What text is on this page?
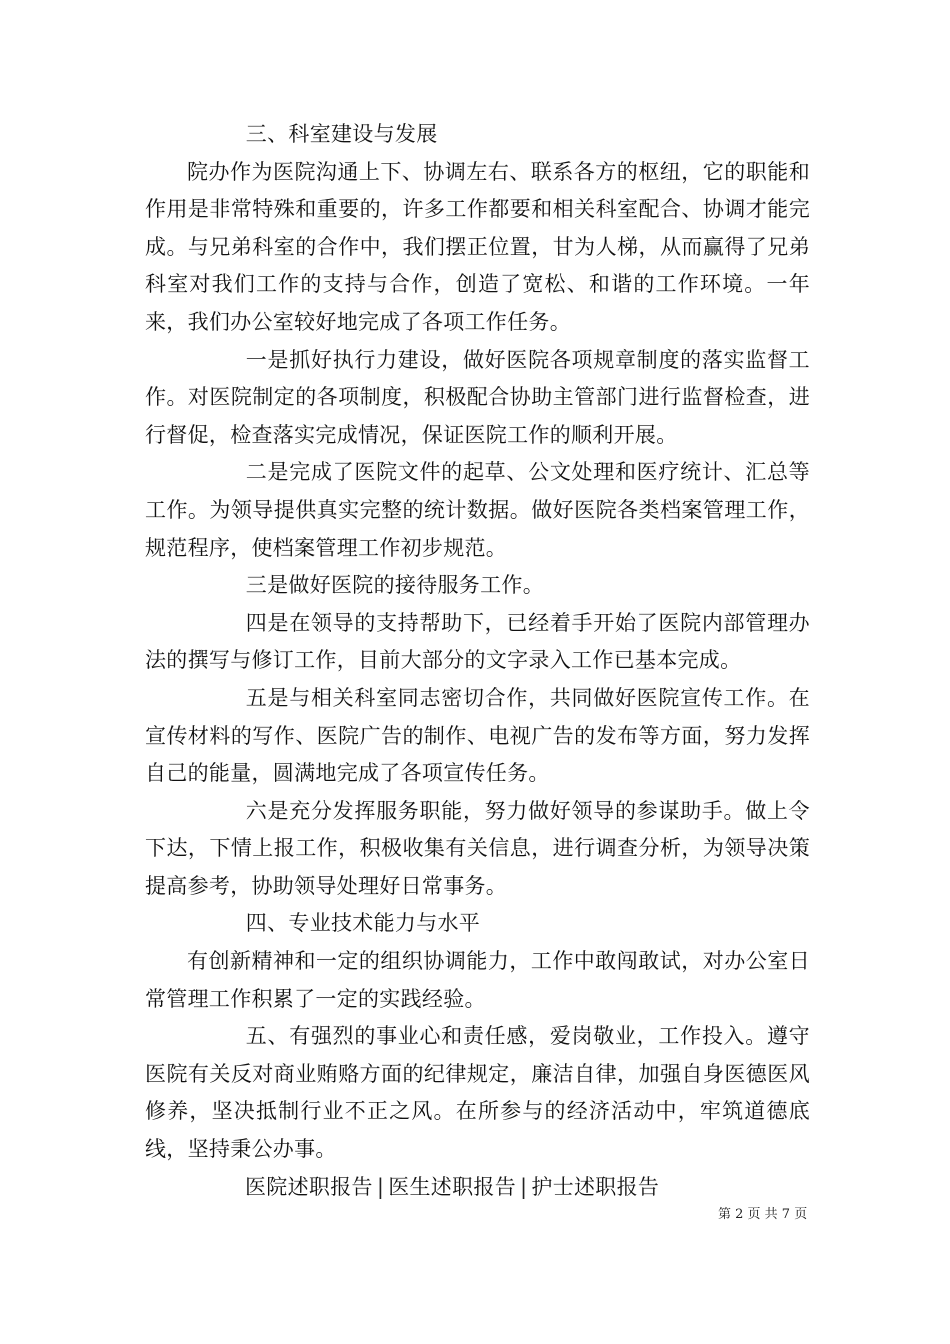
三、科室建设与发展

院办作为医院沟通上下、协调左右、联系各方的枢纽，它的职能和作用是非常特殊和重要的，许多工作都要和相关科室配合、协调才能完成。与兄弟科室的合作中，我们摆正位置，甘为人梯，从而赢得了兄弟科室对我们工作的支持与合作，创造了宽松、和谐的工作环境。一年来，我们办公室较好地完成了各项工作任务。

一是抓好执行力建设，做好医院各项规章制度的落实监督工作。对医院制定的各项制度，积极配合协助主管部门进行监督检查，进行督促，检查落实完成情况，保证医院工作的顺利开展。

二是完成了医院文件的起草、公文处理和医疗统计、汇总等工作。为领导提供真实完整的统计数据。做好医院各类档案管理工作，规范程序，使档案管理工作初步规范。

三是做好医院的接待服务工作。

四是在领导的支持帮助下，已经着手开始了医院内部管理办法的撰写与修订工作，目前大部分的文字录入工作已基本完成。

五是与相关科室同志密切合作，共同做好医院宣传工作。在宣传材料的写作、医院广告的制作、电视广告的发布等方面，努力发挥自己的能量，圆满地完成了各项宣传任务。

六是充分发挥服务职能，努力做好领导的参谋助手。做上令下达，下情上报工作，积极收集有关信息，进行调查分析，为领导决策提高参考，协助领导处理好日常事务。

四、专业技术能力与水平

有创新精神和一定的组织协调能力，工作中敢闯敢试，对办公室日常管理工作积累了一定的实践经验。

五、有强烈的事业心和责任感，爱岗敬业，工作投入。遵守医院有关反对商业贿赂方面的纪律规定，廉洁自律，加强自身医德医风修养，坚决抵制行业不正之风。在所参与的经济活动中，牢筑道德底线，坚持秉公办事。

医院述职报告 | 医生述职报告 | 护士述职报告

第 2 页 共 7 页
